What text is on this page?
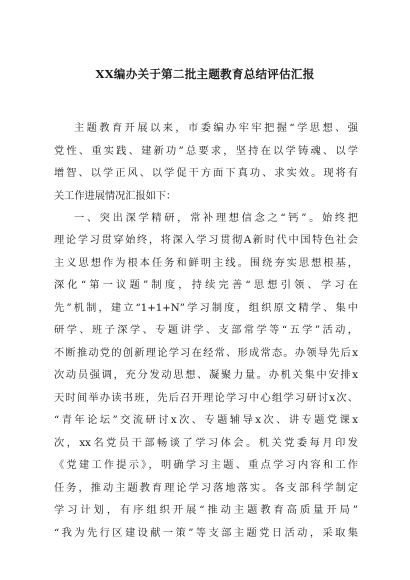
XX编办关于第二批主题教育总结评估汇报
主题教育开展以来，市委编办牢牢把握“学思想、强
党性、重实践、建新功”总要求，坚持在以学铸魂、以学
增智、以学正风、以学促干方面下真功、求实效。现将有
关工作进展情况汇报如下：
一、突出深学精研，常补理想信念之“钙”。始终把
理论学习贯穿始终，将深入学习贯彻A新时代中国特色社会
主义思想作为根本任务和鲜明主线。围绕夯实思想根基，
深化“第一议题”制度，持续完善“思想引领、学习在
先”机制，建立“1+1+N”学习制度，组织原文精学、集中
研学、班子深学、专题讲学、支部常学等“五学”活动，
不断推动党的创新理论学习在经常、形成常态。办领导先后x
次动员强调，充分发动思想、凝聚力量。办机关集中安排x
天时间举办读书班，先后召开理论学习中心组学习研讨x次、
“青年论坛”交流研讨x次、专题辅导x次、讲专题党课x
次，xx名党员干部畅谈了学习体会。机关党委每月印发
《党建工作提示》，明确学习主题、重点学习内容和工作
任务，推动主题教育理论学习落地落实。各支部科学制定
学习计划，有序组织开展“推动主题教育高质量开局”
“我为先行区建设献一策”等支部主题党日活动，采取集
